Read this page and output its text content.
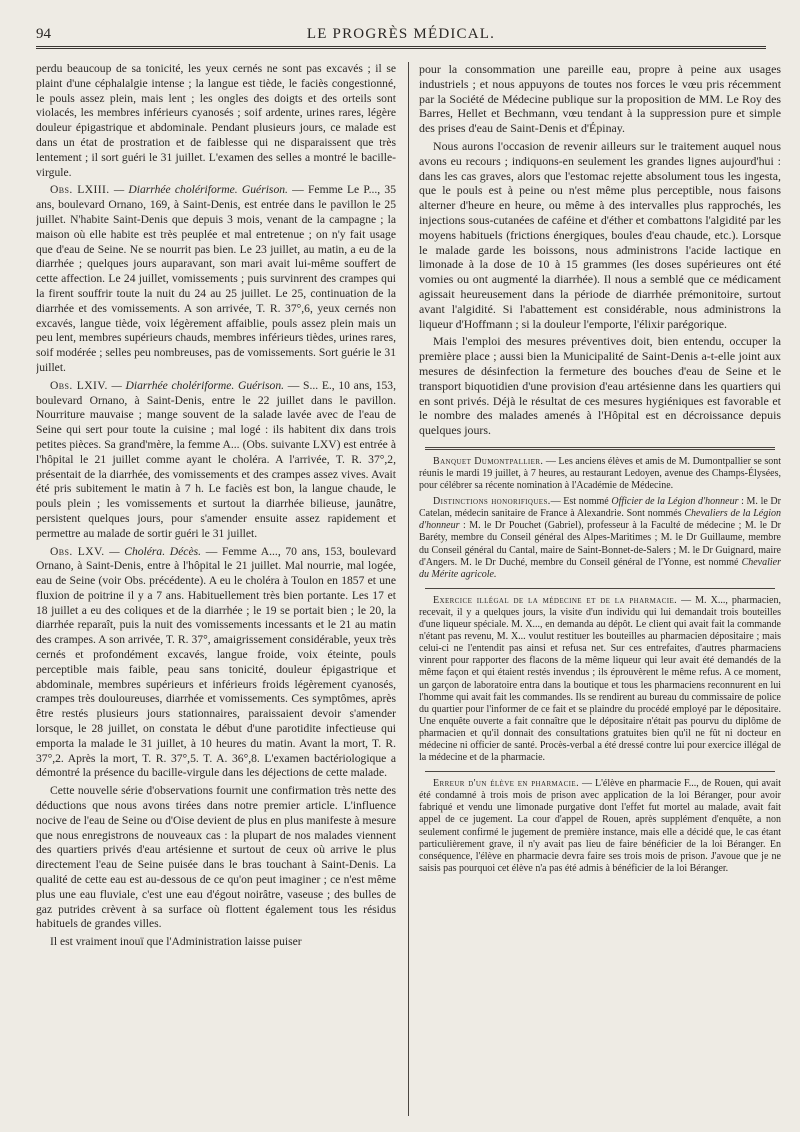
94	LE PROGRÈS MÉDICAL.

perdu beaucoup de sa tonicité, les yeux cernés ne sont pas excavés ; il se plaint d'une céphalalgie intense ; la langue est tiède, le faciès congestionné, le pouls assez plein, mais lent ; les ongles des doigts et des orteils sont violacés, les membres inférieurs cyanosés ; soif ardente, urines rares, légère douleur épigastrique et abdominale. Pendant plusieurs jours, ce malade est dans un état de prostration et de faiblesse qui ne disparaissent que très lentement ; il sort guéri le 31 juillet. L'examen des selles a montré le bacille-virgule.

Obs. LXIII. — Diarrhée cholériforme. Guérison. — Femme Le P..., 35 ans, boulevard Ornano, 169, à Saint-Denis, est entrée dans le pavillon le 25 juillet. N'habite Saint-Denis que depuis 3 mois, venant de la campagne ; la maison où elle habite est très peuplée et mal entretenue ; on n'y fait usage que d'eau de Seine. Ne se nourrit pas bien. Le 23 juillet, au matin, a eu de la diarrhée ; quelques jours auparavant, son mari avait lui-même souffert de cette affection. Le 24 juillet, vomissements ; puis survinrent des crampes qui la firent souffrir toute la nuit du 24 au 25 juillet. Le 25, continuation de la diarrhée et des vomissements. A son arrivée, T. R. 37°,6, yeux cernés non excavés, langue tiède, voix légèrement affaiblie, pouls assez plein mais un peu lent, membres supérieurs chauds, membres inférieurs tièdes, urines rares, soif modérée ; selles peu nombreuses, pas de vomissements. Sort guérie le 31 juillet.

Obs. LXIV. — Diarrhée cholériforme. Guérison. — S... E., 10 ans, 153, boulevard Ornano, à Saint-Denis, entre le 22 juillet dans le pavillon. Nourriture mauvaise ; mange souvent de la salade lavée avec de l'eau de Seine qui sert pour toute la cuisine ; mal logé : ils habitent dix dans trois petites pièces. Sa grand'mère, la femme A... (Obs. suivante LXV) est entrée à l'hôpital le 21 juillet comme ayant le choléra. A l'arrivée, T. R. 37°,2, présentait de la diarrhée, des vomissements et des crampes assez vives. Avait été pris subitement le matin à 7 h. Le faciès est bon, la langue chaude, le pouls plein ; les vomissements et surtout la diarrhée bilieuse, jaunâtre, persistent quelques jours, pour s'amender ensuite assez rapidement et permettre au malade de sortir guéri le 31 juillet.

Obs. LXV. — Choléra. Décès. — Femme A..., 70 ans, 153, boulevard Ornano, à Saint-Denis, entre à l'hôpital le 21 juillet. Mal nourrie, mal logée, eau de Seine (voir Obs. précédente). A eu le choléra à Toulon en 1857 et une fluxion de poitrine il y a 7 ans. Habituellement très bien portante. Les 17 et 18 juillet a eu des coliques et de la diarrhée ; le 19 se portait bien ; le 20, la diarrhée reparaît, puis la nuit des vomissements incessants et le 21 au matin des crampes. A son arrivée, T. R. 37°, amaigrissement considérable, yeux très cernés et profondément excavés, langue froide, voix éteinte, pouls perceptible mais faible, peau sans tonicité, douleur épigastrique et abdominale, membres supérieurs et inférieurs froids légèrement cyanosés, crampes très douloureuses, diarrhée et vomissements. Ces symptômes, après être restés plusieurs jours stationnaires, paraissaient devoir s'amender lorsque, le 28 juillet, on constata le début d'une parotidite infectieuse qui emporta la malade le 31 juillet, à 10 heures du matin. Avant la mort, T. R. 37°,2. Après la mort, T. R. 37°,5. T. A. 36°,8. L'examen bactériologique a démontré la présence du bacille-virgule dans les déjections de cette malade.

Cette nouvelle série d'observations fournit une confirmation très nette des déductions que nous avons tirées dans notre premier article. L'influence nocive de l'eau de Seine ou d'Oise devient de plus en plus manifeste à mesure que nous enregistrons de nouveaux cas : la plupart de nos malades viennent des quartiers privés d'eau artésienne et surtout de ceux où arrive le plus directement l'eau de Seine puisée dans le bras touchant à Saint-Denis. La qualité de cette eau est au-dessous de ce qu'on peut imaginer ; ce n'est même plus une eau fluviale, c'est une eau d'égout noirâtre, vaseuse ; des bulles de gaz putrides crèvent à sa surface où flottent également tous les résidus habituels de grandes villes.

Il est vraiment inouï que l'Administration laisse puiser

pour la consommation une pareille eau, propre à peine aux usages industriels ; et nous appuyons de toutes nos forces le vœu pris récemment par la Société de Médecine publique sur la proposition de MM. Le Roy des Barres, Hellet et Bechmann, vœu tendant à la suppression pure et simple des prises d'eau de Saint-Denis et d'Épinay.

Nous aurons l'occasion de revenir ailleurs sur le traitement auquel nous avons eu recours ; indiquons-en seulement les grandes lignes aujourd'hui : dans les cas graves, alors que l'estomac rejette absolument tous les ingesta, que le pouls est à peine ou n'est même plus perceptible, nous faisons alterner d'heure en heure, ou même à des intervalles plus rapprochés, les injections sous-cutanées de caféine et d'éther et combattons l'algidité par les moyens habituels (frictions énergiques, boules d'eau chaude, etc.). Lorsque le malade garde les boissons, nous administrons l'acide lactique en limonade à la dose de 10 à 15 grammes (les doses supérieures ont été vomies ou ont augmenté la diarrhée). Il nous a semblé que ce médicament agissait heureusement dans la période de diarrhée prémonitoire, surtout avant l'algidité. Si l'abattement est considérable, nous administrons la liqueur d'Hoffmann ; si la douleur l'emporte, l'élixir parégorique.

Mais l'emploi des mesures préventives doit, bien entendu, occuper la première place ; aussi bien la Municipalité de Saint-Denis a-t-elle joint aux mesures de désinfection la fermeture des bouches d'eau de Seine et le transport biquotidien d'une provision d'eau artésienne dans les quartiers qui en sont privés. Déjà le résultat de ces mesures hygiéniques est favorable et le nombre des malades amenés à l'Hôpital est en décroissance depuis quelques jours.

Banquet Dumontpallier. — Les anciens élèves et amis de M. Dumontpallier se sont réunis le mardi 19 juillet, à 7 heures, au restaurant Ledoyen, avenue des Champs-Élysées, pour célébrer sa récente nomination à l'Académie de Médecine.

Distinctions honorifiques.— Est nommé Officier de la Légion d'honneur : M. le Dr Catelan, médecin sanitaire de France à Alexandrie. Sont nommés Chevaliers de la Légion d'honneur : M. le Dr Pouchet (Gabriel), professeur à la Faculté de médecine ; M. le Dr Baréty, membre du Conseil général des Alpes-Maritimes ; M. le Dr Guillaume, membre du Conseil général du Cantal, maire de Saint-Bonnet-de-Salers ; M. le Dr Guignard, maire d'Angers. M. le Dr Duché, membre du Conseil général de l'Yonne, est nommé Chevalier du Mérite agricole.

Exercice illégal de la médecine et de la pharmacie. — M. X..., pharmacien, recevait, il y a quelques jours, la visite d'un individu qui lui demandait trois bouteilles d'une liqueur spéciale. M. X..., en demanda au dépôt. Le client qui avait fait la commande n'étant pas revenu, M. X... voulut restituer les bouteilles au pharmacien dépositaire ; mais celui-ci ne l'entendit pas ainsi et refusa net. Sur ces entrefaites, d'autres pharmaciens vinrent pour rapporter des flacons de la même liqueur qui leur avait été demandés de la même façon et qui étaient restés invendus ; ils éprouvèrent le même refus. A ce moment, un garçon de laboratoire entra dans la boutique et tous les pharmaciens reconnurent en lui l'homme qui avait fait les commandes. Ils se rendirent au bureau du commissaire de police du quartier pour l'informer de ce fait et se plaindre du procédé employé par le dépositaire. Une enquête ouverte a fait connaître que le dépositaire n'était pas pourvu du diplôme de pharmacien et qu'il donnait des consultations gratuites bien qu'il ne fût ni docteur en médecine ni officier de santé. Procès-verbal a été dressé contre lui pour exercice illégal de la médecine et de la pharmacie.

Erreur d'un élève en pharmacie. — L'élève en pharmacie F..., de Rouen, qui avait été condamné à trois mois de prison avec application de la loi Béranger, pour avoir fabriqué et vendu une limonade purgative dont l'effet fut mortel au malade, avait fait appel de ce jugement. La cour d'appel de Rouen, après supplément d'enquête, a non seulement confirmé le jugement de première instance, mais elle a décidé que, le cas étant particulièrement grave, il n'y avait pas lieu de faire bénéficier de la loi Béranger. En conséquence, l'élève en pharmacie devra faire ses trois mois de prison. J'avoue que je ne saisis pas pourquoi cet élève n'a pas été admis à bénéficier de la loi Béranger.
